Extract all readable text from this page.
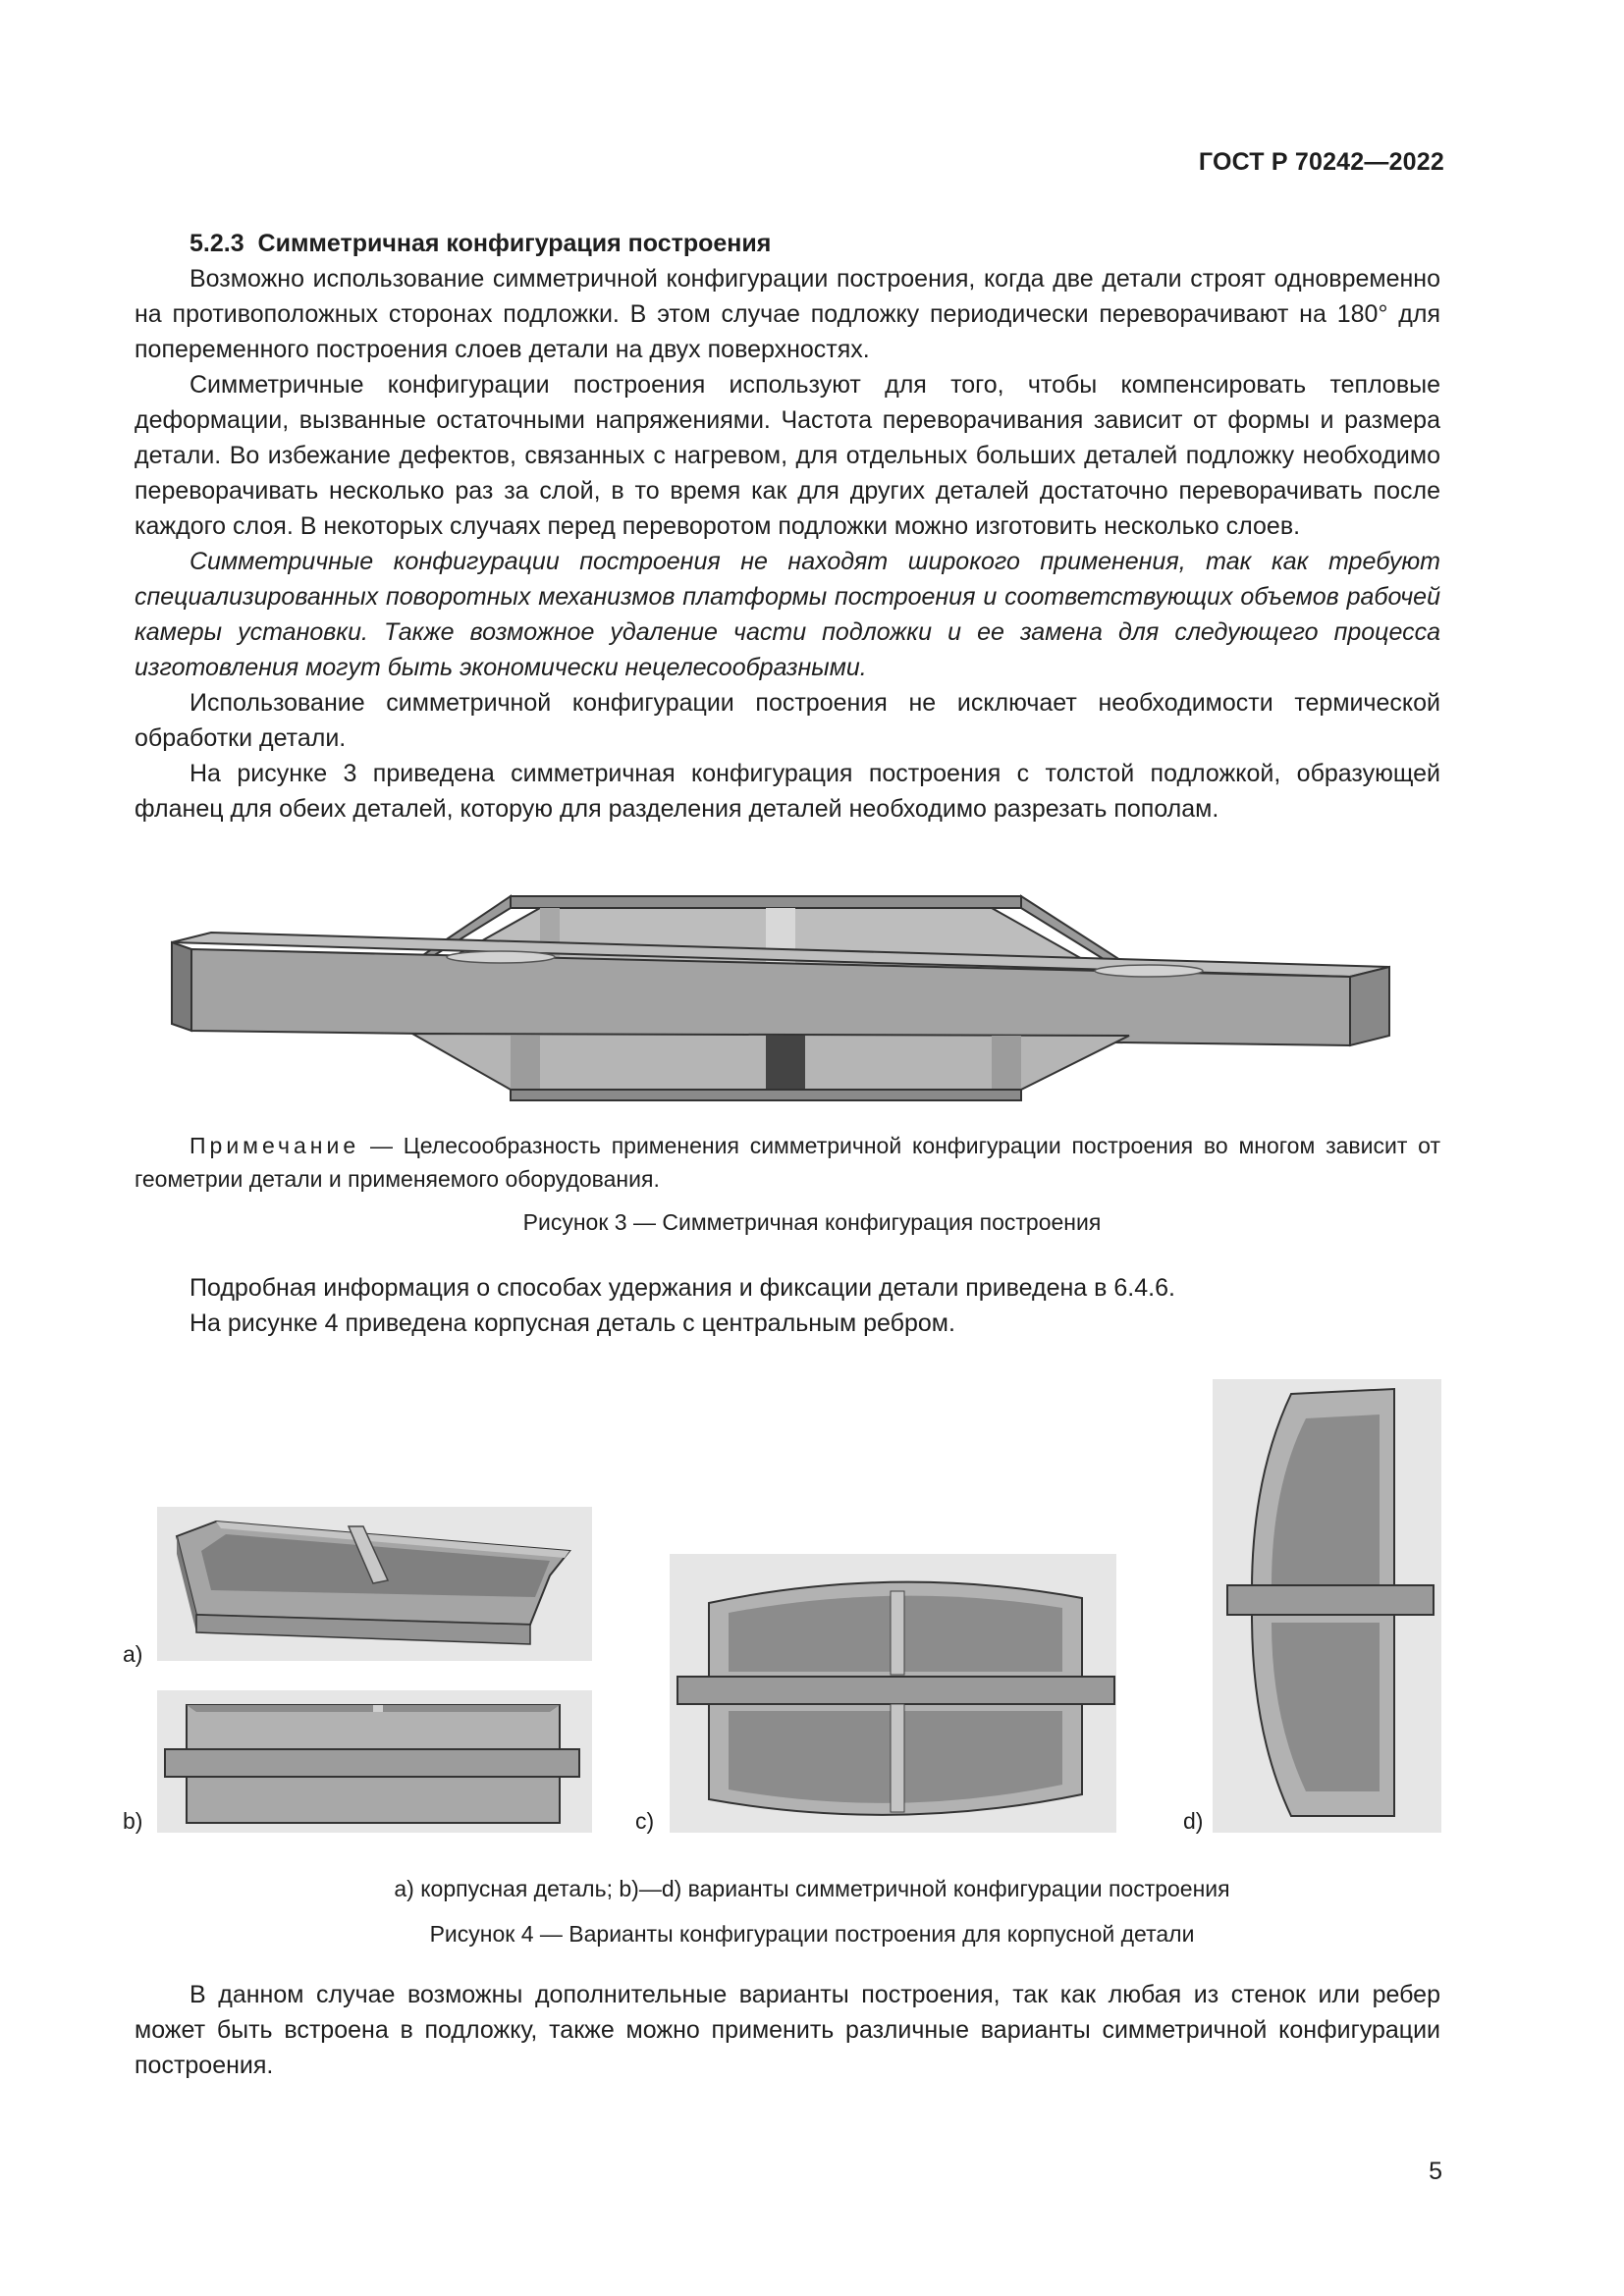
ГОСТ Р 70242—2022

5.2.3 Симметричная конфигурация построения

Возможно использование симметричной конфигурации построения, когда две детали строят одновременно на противоположных сторонах подложки. В этом случае подложку периодически переворачивают на 180° для попеременного построения слоев детали на двух поверхностях.

Симметричные конфигурации построения используют для того, чтобы компенсировать тепловые деформации, вызванные остаточными напряжениями. Частота переворачивания зависит от формы и размера детали. Во избежание дефектов, связанных с нагревом, для отдельных больших деталей подложку необходимо переворачивать несколько раз за слой, в то время как для других деталей достаточно переворачивать после каждого слоя. В некоторых случаях перед переворотом подложки можно изготовить несколько слоев.

Симметричные конфигурации построения не находят широкого применения, так как требуют специализированных поворотных механизмов платформы построения и соответствующих объемов рабочей камеры установки. Также возможное удаление части подложки и ее замена для следующего процесса изготовления могут быть экономически нецелесообразными.

Использование симметричной конфигурации построения не исключает необходимости термической обработки детали.

На рисунке 3 приведена симметричная конфигурация построения с толстой подложкой, образующей фланец для обеих деталей, которую для разделения деталей необходимо разрезать пополам.

Примечание — Целесообразность применения симметричной конфигурации построения во многом зависит от геометрии детали и применяемого оборудования.
Рисунок 3 — Симметричная конфигурация построения

Подробная информация о способах удержания и фиксации детали приведена в 6.4.6.

На рисунке 4 приведена корпусная деталь с центральным ребром.

a)
b)	c)	d)
a) корпусная деталь; b)—d) варианты симметричной конфигурации построения
Рисунок 4 — Варианты конфигурации построения для корпусной детали

В данном случае возможны дополнительные варианты построения, так как любая из стенок или ребер может быть встроена в подложку, также можно применить различные варианты симметричной конфигурации построения.

5
